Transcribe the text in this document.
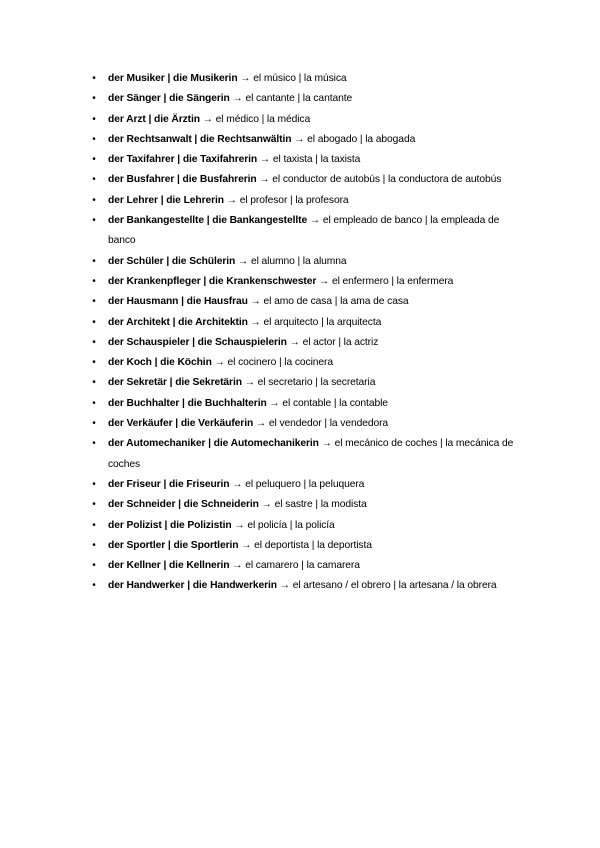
• der Musiker | die Musikerin → el músico | la música
• der Sänger | die Sängerin → el cantante | la cantante
• der Arzt | die Ärztin → el médico | la médica
• der Rechtsanwalt | die Rechtsanwältin → el abogado | la abogada
• der Taxifahrer | die Taxifahrerin → el taxista | la taxista
• der Busfahrer | die Busfahrerin → el conductor de autobús | la conductora de autobús
• der Lehrer | die Lehrerin → el profesor | la profesora
• der Bankangestellte | die Bankangestellte → el empleado de banco | la empleada de banco
• der Schüler | die Schülerin → el alumno | la alumna
• der Krankenpfleger | die Krankenschwester → el enfermero | la enfermera
• der Hausmann | die Hausfrau → el amo de casa | la ama de casa
• der Architekt | die Architektin → el arquitecto | la arquitecta
• der Schauspieler | die Schauspielerin → el actor | la actriz
• der Koch | die Köchin → el cocinero | la cocinera
• der Sekretär | die Sekretärin → el secretario | la secretaria
• der Buchhalter | die Buchhalterin → el contable | la contable
• der Verkäufer | die Verkäuferin → el vendedor | la vendedora
• der Automechaniker | die Automechanikerin → el mecánico de coches | la mecánica de coches
• der Friseur | die Friseurin → el peluquero | la peluquera
• der Schneider | die Schneiderin → el sastre | la modista
• der Polizist | die Polizistin → el policía | la policía
• der Sportler | die Sportlerin → el deportista | la deportista
• der Kellner | die Kellnerin → el camarero | la camarera
• der Handwerker | die Handwerkerin → el artesano / el obrero | la artesana / la obrera
